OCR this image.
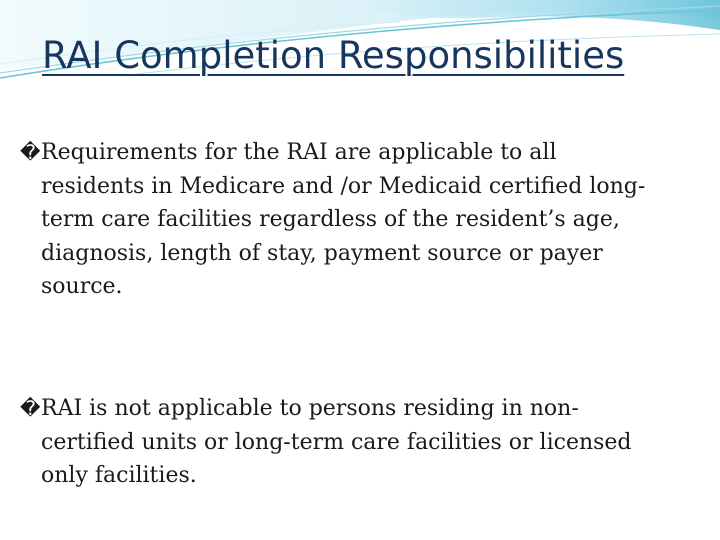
RAI Completion Responsibilities
� Requirements for the RAI are applicable to all
residents in Medicare and /or Medicaid certified long-
term care facilities regardless of the resident’s age,
diagnosis, length of stay, payment source or payer
source.
� RAI is not applicable to persons residing in non-
certified units or long-term care facilities or licensed
only facilities.
